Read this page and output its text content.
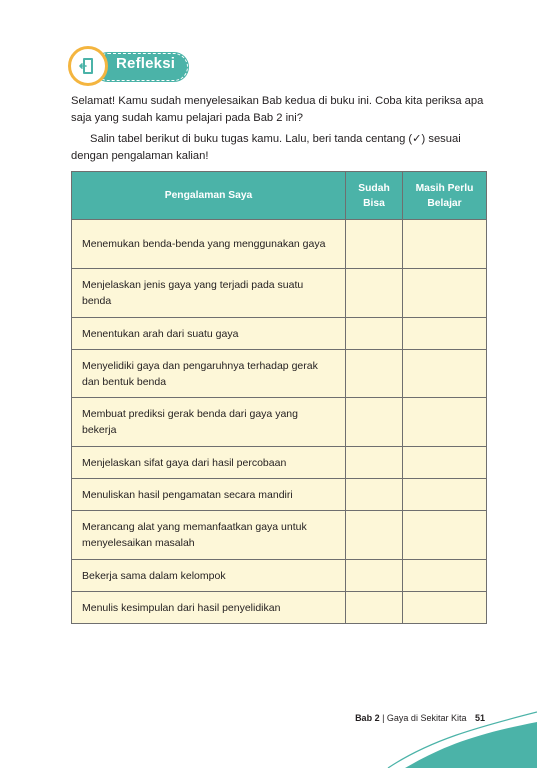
Refleksi
Selamat! Kamu sudah menyelesaikan Bab kedua di buku ini. Coba kita periksa apa saja yang sudah kamu pelajari pada Bab 2 ini?
Salin tabel berikut di buku tugas kamu. Lalu, beri tanda centang (✓) sesuai dengan pengalaman kalian!
Pengalaman Saya	Sudah Bisa	Masih Perlu Belajar
Menemukan benda-benda yang menggunakan gaya		
Menjelaskan jenis gaya yang terjadi pada suatu benda		
Menentukan arah dari suatu gaya		
Menyelidiki gaya dan pengaruhnya terhadap gerak dan bentuk benda		
Membuat prediksi gerak benda dari gaya yang bekerja		
Menjelaskan sifat gaya dari hasil percobaan		
Menuliskan hasil pengamatan secara mandiri		
Merancang alat yang memanfaatkan gaya untuk menyelesaikan masalah		
Bekerja sama dalam kelompok		
Menulis kesimpulan dari hasil penyelidikan		
Bab 2 | Gaya di Sekitar Kita 51
